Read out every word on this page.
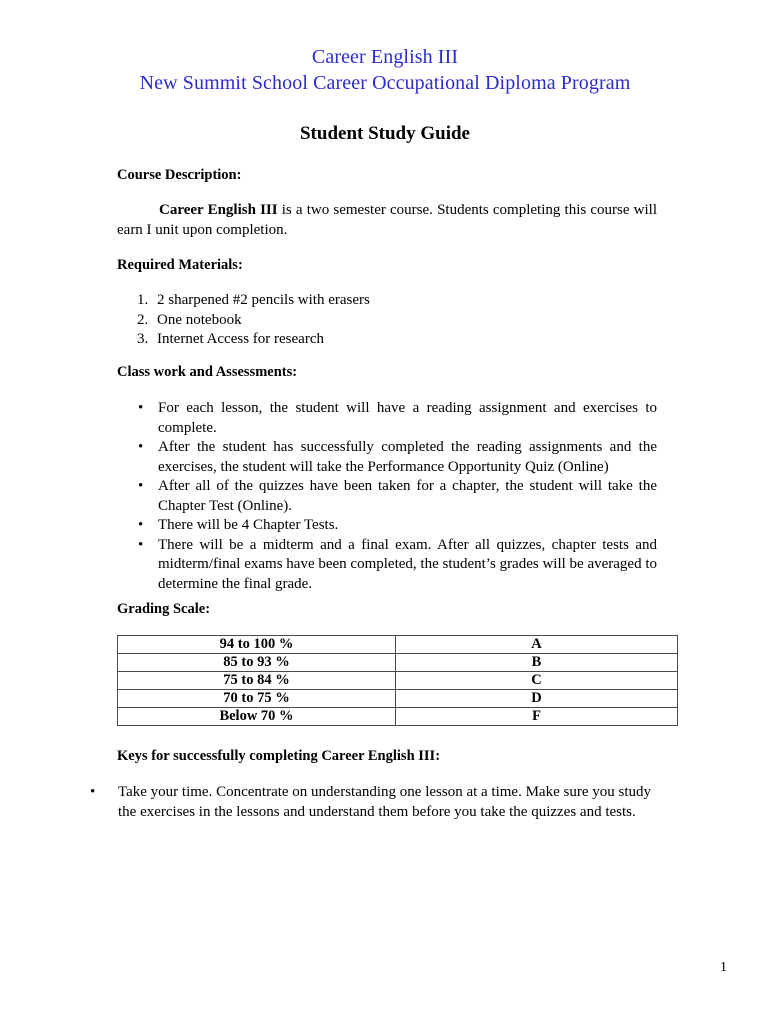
Career English III
New Summit School Career Occupational Diploma Program
Student Study Guide
Course Description:
Career English III is a two semester course. Students completing this course will earn I unit upon completion.
Required Materials:
1. 2 sharpened #2 pencils with erasers
2. One notebook
3. Internet Access for research
Class work and Assessments:
• For each lesson, the student will have a reading assignment and exercises to complete.
• After the student has successfully completed the reading assignments and the exercises, the student will take the Performance Opportunity Quiz (Online)
• After all of the quizzes have been taken for a chapter, the student will take the Chapter Test (Online).
• There will be 4 Chapter Tests.
• There will be a midterm and a final exam. After all quizzes, chapter tests and midterm/final exams have been completed, the student’s grades will be averaged to determine the final grade.
Grading Scale:
94 to 100 %	A
85 to 93 %	B
75 to 84 %	C
70 to 75 %	D
Below 70 %	F
Keys for successfully completing Career English III:
• Take your time. Concentrate on understanding one lesson at a time. Make sure you study the exercises in the lessons and understand them before you take the quizzes and tests.
1
